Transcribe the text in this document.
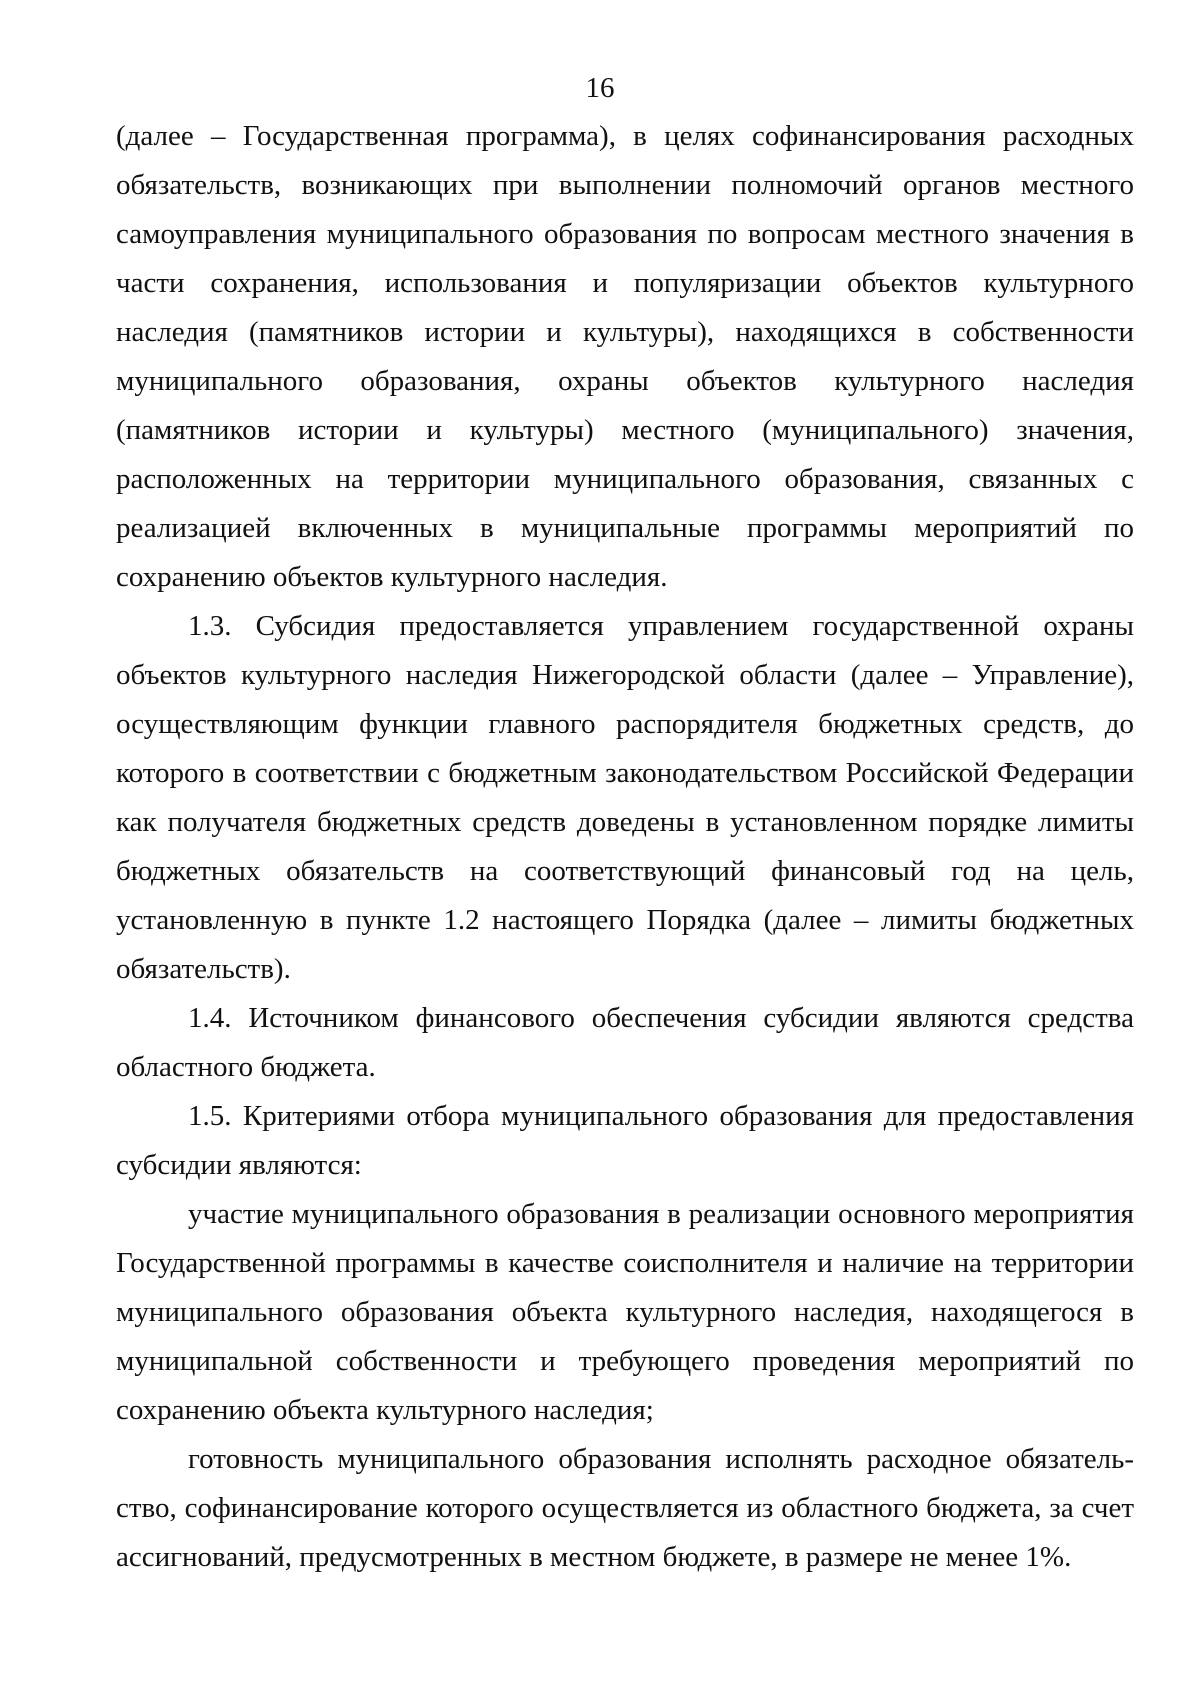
16

(далее – Государственная программа), в целях софинансирования расходных обязательств, возникающих при выполнении полномочий органов местного самоуправления муниципального образования по вопросам местного значения в части сохранения, использования и популяризации объектов культурного наследия (памятников истории и культуры), находящихся в собственности муниципального образования, охраны объектов культурного наследия (памятников истории и культуры) местного (муниципального) значения, расположенных на территории муниципального образования, связанных с реализацией включенных в муниципальные программы мероприятий по сохранению объектов культурного наследия.

1.3. Субсидия предоставляется управлением государственной охраны объектов культурного наследия Нижегородской области (далее – Управление), осуществляющим функции главного распорядителя бюджетных средств, до которого в соответствии с бюджетным законодательством Российской Федерации как получателя бюджетных средств доведены в установленном порядке лимиты бюджетных обязательств на соответствующий финансовый год на цель, установленную в пункте 1.2 настоящего Порядка (далее – лимиты бюджетных обязательств).

1.4. Источником финансового обеспечения субсидии являются средства областного бюджета.

1.5. Критериями отбора муниципального образования для предоставления субсидии являются:

участие муниципального образования в реализации основного мероприятия Государственной программы в качестве соисполнителя и наличие на территории муниципального образования объекта культурного наследия, находящегося в муниципальной собственности и требующего проведения мероприятий по сохранению объекта культурного наследия;

готовность муниципального образования исполнять расходное обязательство, софинансирование которого осуществляется из областного бюджета, за счет ассигнований, предусмотренных в местном бюджете, в размере не менее 1%.
